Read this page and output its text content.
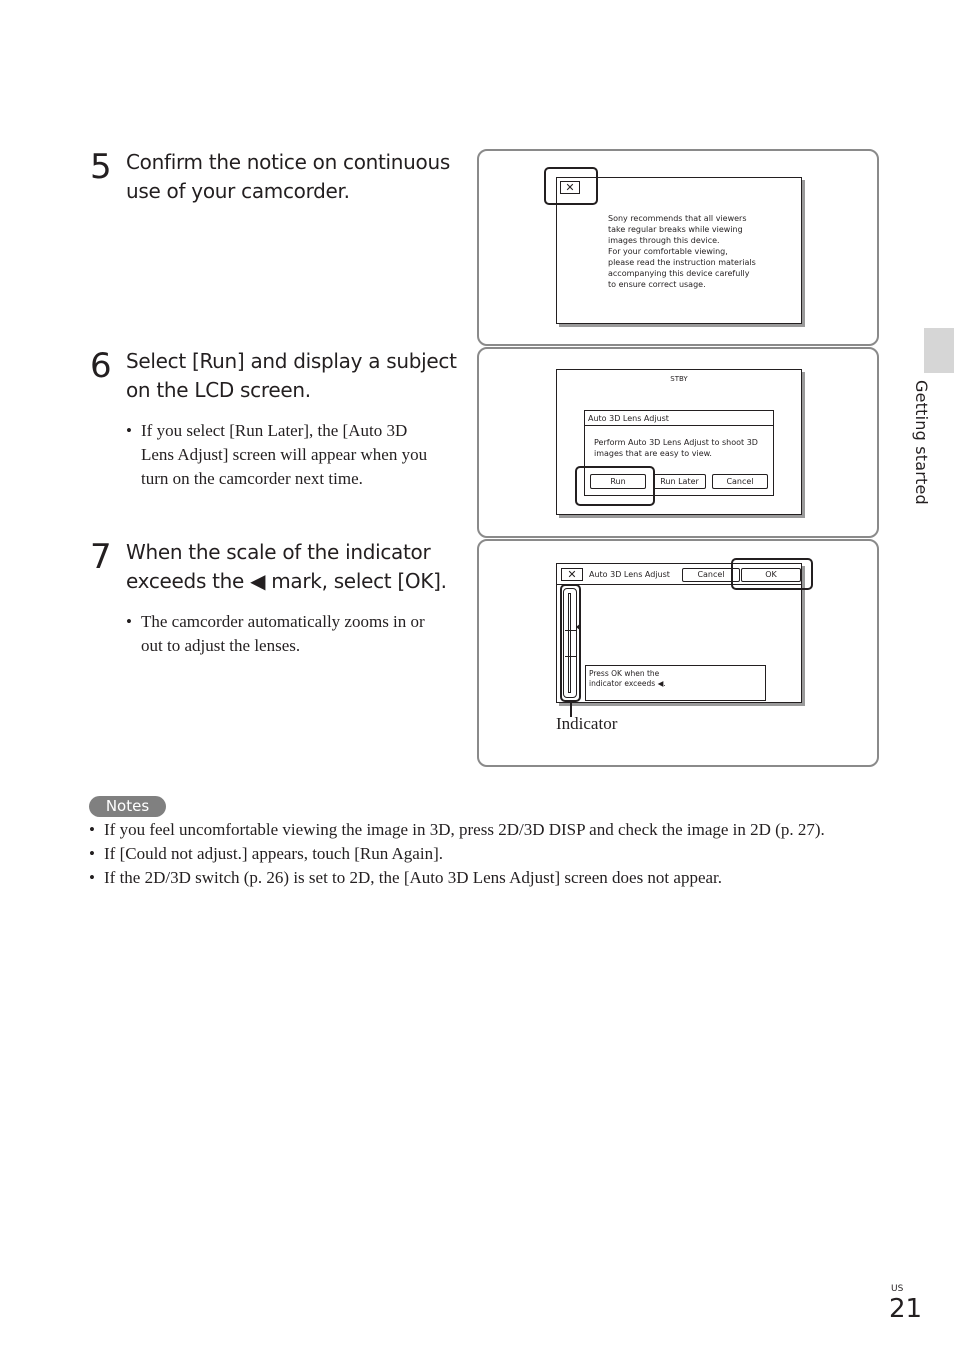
5 Confirm the notice on continuous
use of your camcorder.
6 Select [Run] and display a subject
on the LCD screen.
• If you select [Run Later], the [Auto 3D
Lens Adjust] screen will appear when you
turn on the camcorder next time.
7 When the scale of the indicator
exceeds the ◀ mark, select [OK].
• The camcorder automatically zooms in or
out to adjust the lenses.
✕
Sony recommends that all viewers
take regular breaks while viewing
images through this device.
For your comfortable viewing,
please read the instruction materials
accompanying this device carefully
to ensure correct usage.
STBY
Auto 3D Lens Adjust
Perform Auto 3D Lens Adjust to shoot 3D
images that are easy to view.
Run	Run Later	Cancel
✕	Auto 3D Lens Adjust	Cancel	OK
Press OK when the
indicator exceeds ◀.
Indicator
Notes
• If you feel uncomfortable viewing the image in 3D, press 2D/3D DISP and check the image in 2D (p. 27).
• If [Could not adjust.] appears, touch [Run Again].
• If the 2D/3D switch (p. 26) is set to 2D, the [Auto 3D Lens Adjust] screen does not appear.
Getting started
US
21
